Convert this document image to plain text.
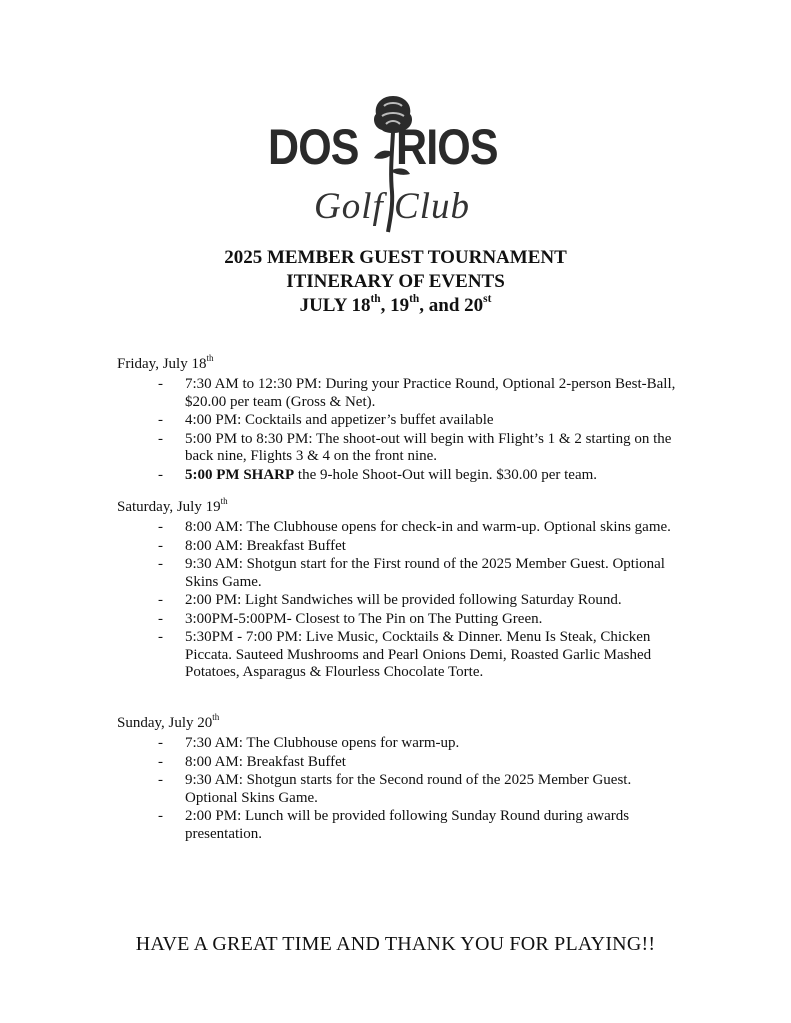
DOS RIOS
Golf Club
2025 MEMBER GUEST TOURNAMENT
ITINERARY OF EVENTS
JULY 18th, 19th, and 20st
Friday, July 18th
- 7:30 AM to 12:30 PM: During your Practice Round, Optional 2-person Best-Ball, $20.00 per team (Gross & Net).
- 4:00 PM: Cocktails and appetizer’s buffet available
- 5:00 PM to 8:30 PM: The shoot-out will begin with Flight’s 1 & 2 starting on the back nine, Flights 3 & 4 on the front nine.
- 5:00 PM SHARP the 9-hole Shoot-Out will begin. $30.00 per team.
Saturday, July 19th
- 8:00 AM: The Clubhouse opens for check-in and warm-up. Optional skins game.
- 8:00 AM: Breakfast Buffet
- 9:30 AM: Shotgun start for the First round of the 2025 Member Guest. Optional Skins Game.
- 2:00 PM: Light Sandwiches will be provided following Saturday Round.
- 3:00PM-5:00PM- Closest to The Pin on The Putting Green.
- 5:30PM - 7:00 PM: Live Music, Cocktails & Dinner. Menu Is Steak, Chicken Piccata. Sauteed Mushrooms and Pearl Onions Demi, Roasted Garlic Mashed Potatoes, Asparagus & Flourless Chocolate Torte.
Sunday, July 20th
- 7:30 AM: The Clubhouse opens for warm-up.
- 8:00 AM: Breakfast Buffet
- 9:30 AM: Shotgun starts for the Second round of the 2025 Member Guest. Optional Skins Game.
- 2:00 PM: Lunch will be provided following Sunday Round during awards presentation.
HAVE A GREAT TIME AND THANK YOU FOR PLAYING!!
